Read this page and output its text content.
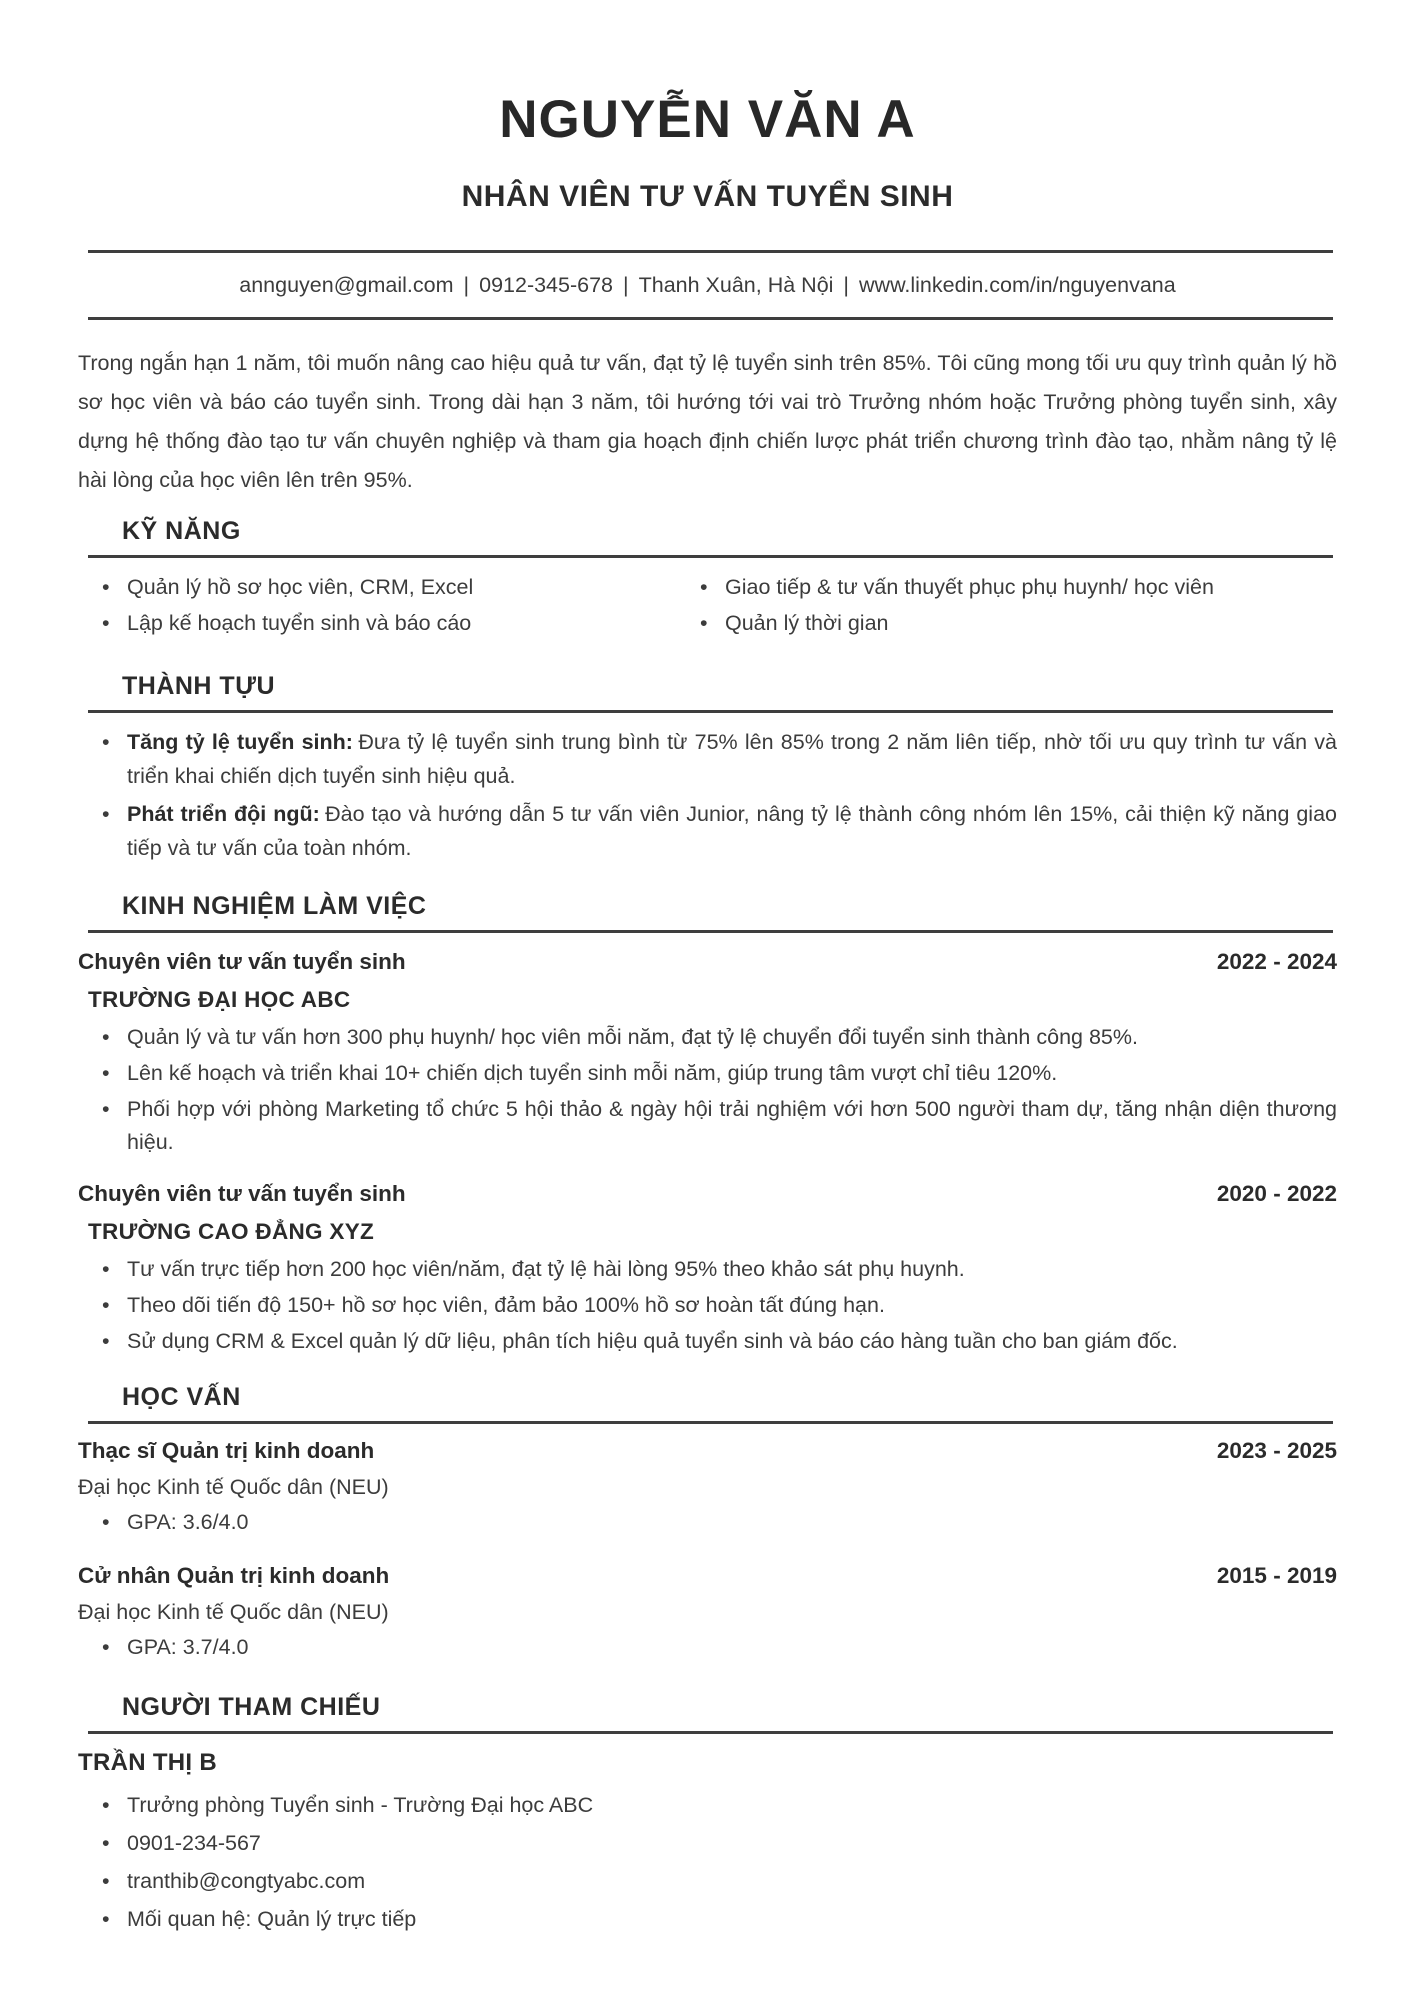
NGUYỄN VĂN A
NHÂN VIÊN TƯ VẤN TUYỂN SINH
annguyen@gmail.com | 0912-345-678 | Thanh Xuân, Hà Nội | www.linkedin.com/in/nguyenvana

Trong ngắn hạn 1 năm, tôi muốn nâng cao hiệu quả tư vấn, đạt tỷ lệ tuyển sinh trên 85%. Tôi cũng mong tối ưu quy trình quản lý hồ sơ học viên và báo cáo tuyển sinh. Trong dài hạn 3 năm, tôi hướng tới vai trò Trưởng nhóm hoặc Trưởng phòng tuyển sinh, xây dựng hệ thống đào tạo tư vấn chuyên nghiệp và tham gia hoạch định chiến lược phát triển chương trình đào tạo, nhằm nâng tỷ lệ hài lòng của học viên lên trên 95%.

KỸ NĂNG
• Quản lý hồ sơ học viên, CRM, Excel
• Lập kế hoạch tuyển sinh và báo cáo
• Giao tiếp & tư vấn thuyết phục phụ huynh/ học viên
• Quản lý thời gian
THÀNH TỰU
• Tăng tỷ lệ tuyển sinh: Đưa tỷ lệ tuyển sinh trung bình từ 75% lên 85% trong 2 năm liên tiếp, nhờ tối ưu quy trình tư vấn và triển khai chiến dịch tuyển sinh hiệu quả.
• Phát triển đội ngũ: Đào tạo và hướng dẫn 5 tư vấn viên Junior, nâng tỷ lệ thành công nhóm lên 15%, cải thiện kỹ năng giao tiếp và tư vấn của toàn nhóm.
KINH NGHIỆM LÀM VIỆC
Chuyên viên tư vấn tuyển sinh	2022 - 2024
TRƯỜNG ĐẠI HỌC ABC
• Quản lý và tư vấn hơn 300 phụ huynh/ học viên mỗi năm, đạt tỷ lệ chuyển đổi tuyển sinh thành công 85%.
• Lên kế hoạch và triển khai 10+ chiến dịch tuyển sinh mỗi năm, giúp trung tâm vượt chỉ tiêu 120%.
• Phối hợp với phòng Marketing tổ chức 5 hội thảo & ngày hội trải nghiệm với hơn 500 người tham dự, tăng nhận diện thương hiệu.
Chuyên viên tư vấn tuyển sinh	2020 - 2022
TRƯỜNG CAO ĐẲNG XYZ
• Tư vấn trực tiếp hơn 200 học viên/năm, đạt tỷ lệ hài lòng 95% theo khảo sát phụ huynh.
• Theo dõi tiến độ 150+ hồ sơ học viên, đảm bảo 100% hồ sơ hoàn tất đúng hạn.
• Sử dụng CRM & Excel quản lý dữ liệu, phân tích hiệu quả tuyển sinh và báo cáo hàng tuần cho ban giám đốc.
HỌC VẤN
Thạc sĩ Quản trị kinh doanh	2023 - 2025
Đại học Kinh tế Quốc dân (NEU)
• GPA: 3.6/4.0
Cử nhân Quản trị kinh doanh	2015 - 2019
Đại học Kinh tế Quốc dân (NEU)
• GPA: 3.7/4.0
NGƯỜI THAM CHIẾU
TRẦN THỊ B
• Trưởng phòng Tuyển sinh - Trường Đại học ABC
• 0901-234-567
• tranthib@congtyabc.com
• Mối quan hệ: Quản lý trực tiếp
